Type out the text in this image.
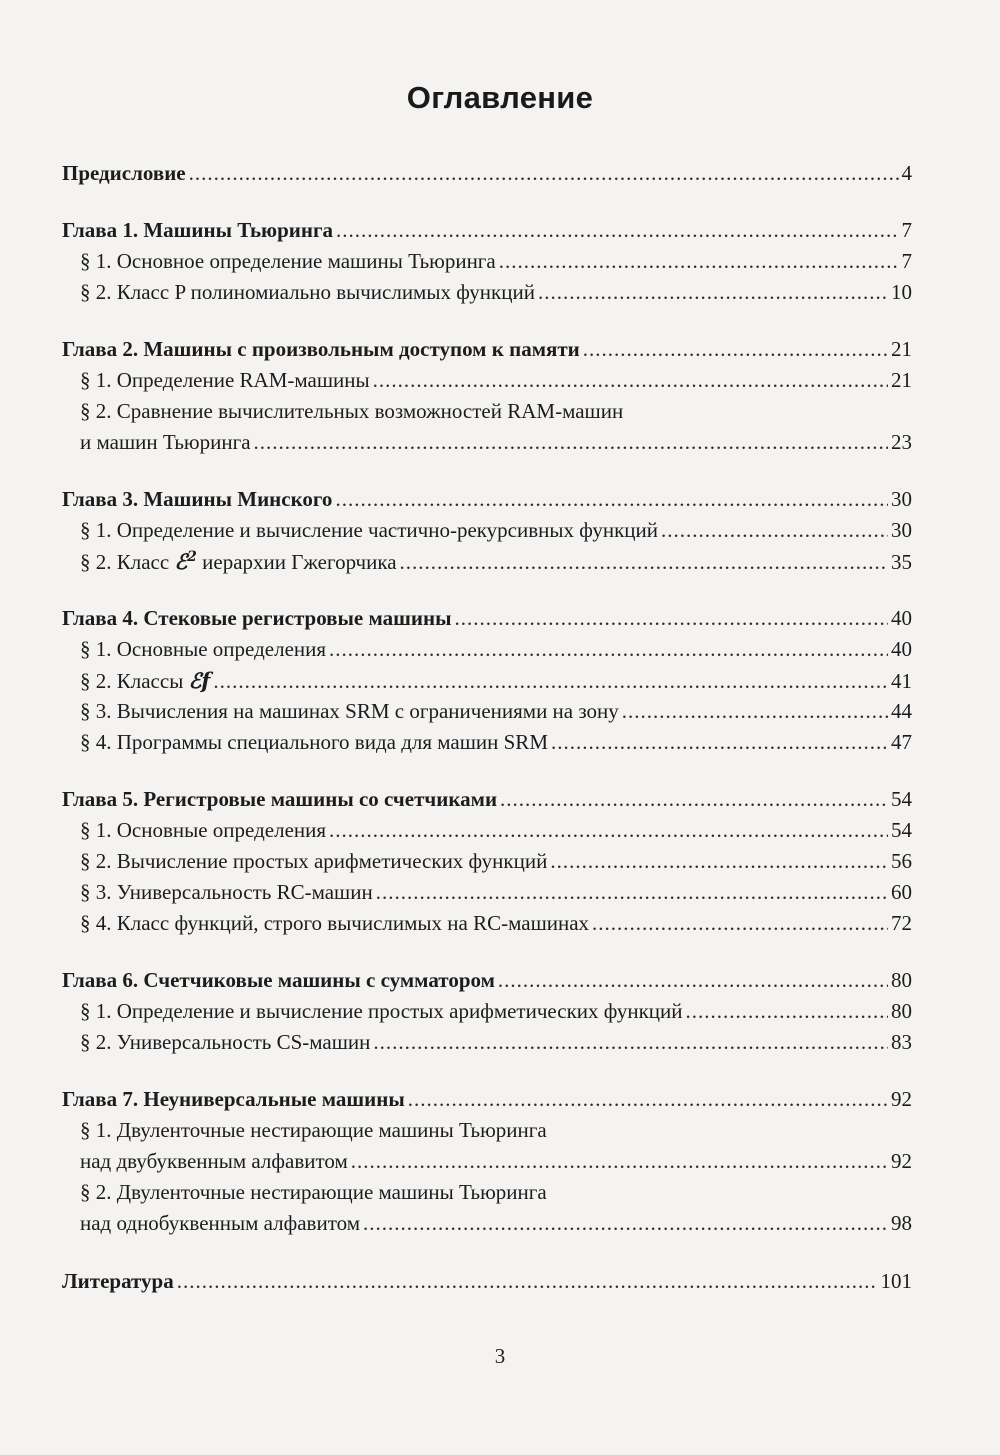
Оглавление
Предисловие .....	4
Глава 1. Машины Тьюринга .....	7
§ 1. Основное определение машины Тьюринга .....	7
§ 2. Класс P полиномиально вычислимых функций .....	10
Глава 2. Машины с произвольным доступом к памяти .....	21
§ 1. Определение RAM-машины .....	21
§ 2. Сравнение вычислительных возможностей RAM-машин
и машин Тьюринга .....	23
Глава 3. Машины Минского .....	30
§ 1. Определение и вычисление частично-рекурсивных функций .....	30
§ 2. Класс ℰ$^2$ иерархии Гжегорчика .....	35
Глава 4. Стековые регистровые машины .....	40
§ 1. Основные определения .....	40
§ 2. Классы ℰf .....	41
§ 3. Вычисления на машинах SRM с ограничениями на зону .....	44
§ 4. Программы специального вида для машин SRM .....	47
Глава 5. Регистровые машины со счетчиками .....	54
§ 1. Основные определения .....	54
§ 2. Вычисление простых арифметических функций .....	56
§ 3. Универсальность RC-машин .....	60
§ 4. Класс функций, строго вычислимых на RC-машинах .....	72
Глава 6. Счетчиковые машины с сумматором .....	80
§ 1. Определение и вычисление простых арифметических функций .....	80
§ 2. Универсальность CS-машин .....	83
Глава 7. Неуниверсальные машины .....	92
§ 1. Двуленточные нестирающие машины Тьюринга
над двубуквенным алфавитом .....	92
§ 2. Двуленточные нестирающие машины Тьюринга
над однобуквенным алфавитом .....	98
Литература .....	101
3
